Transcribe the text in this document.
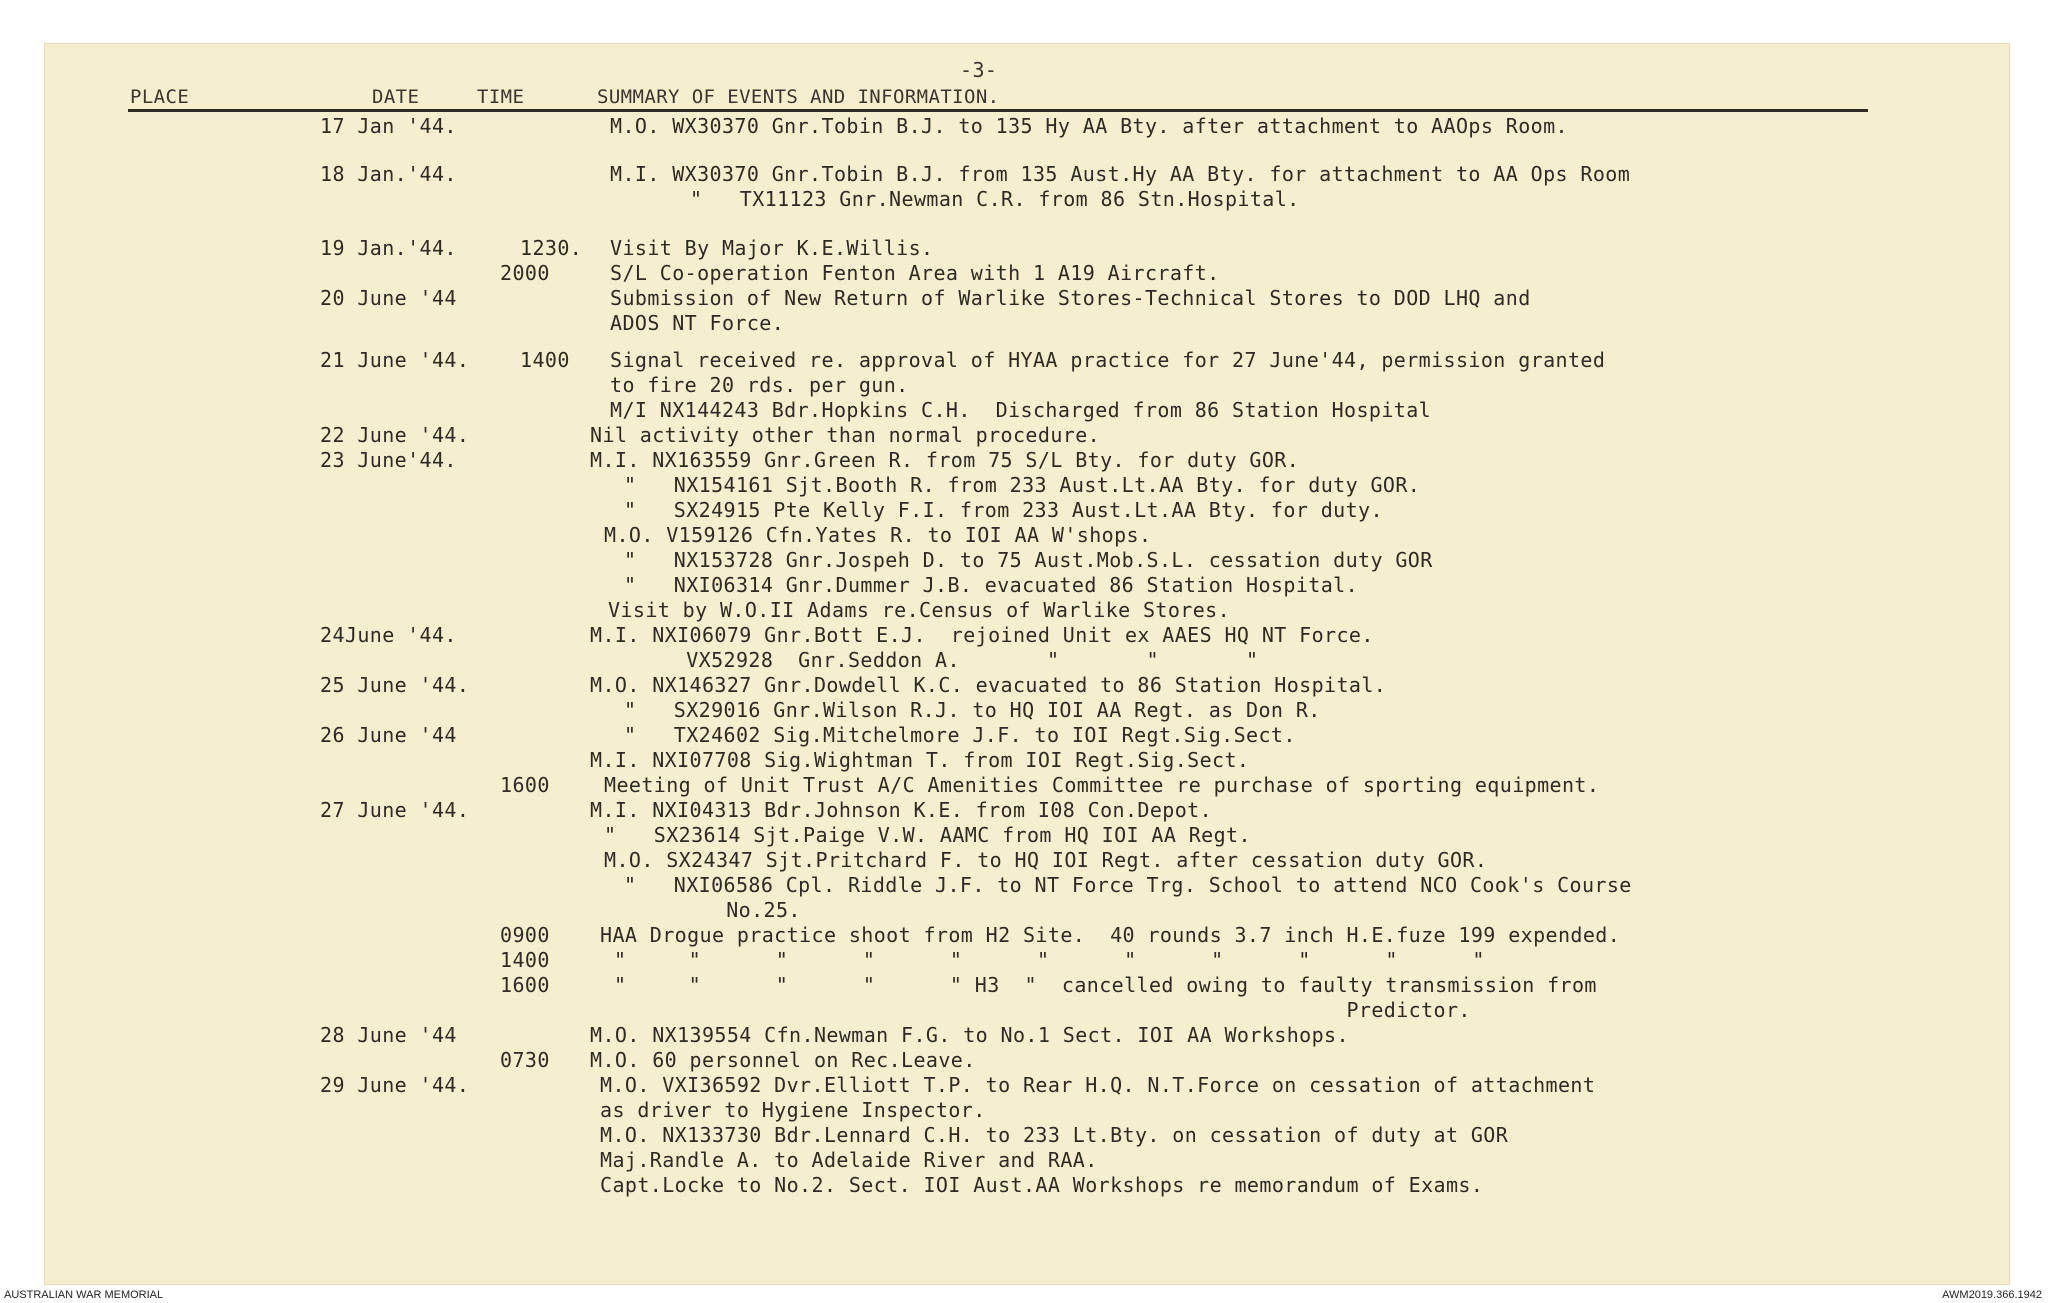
-3-
PLACE	DATE	TIME	SUMMARY OF EVENTS AND INFORMATION.
17 Jan '44.	M.O. WX30370 Gnr.Tobin B.J. to 135 Hy AA Bty. after attachment to AAOps Room.
18 Jan.'44.	M.I. WX30370 Gnr.Tobin B.J. from 135 Aust.Hy AA Bty. for attachment to AA Ops Room
"   TX11123 Gnr.Newman C.R. from 86 Stn.Hospital.
19 Jan.'44.	1230. Visit By Major K.E.Willis.
2000	S/L Co-operation Fenton Area with 1 A19 Aircraft.
20 June '44	Submission of New Return of Warlike Stores-Technical Stores to DOD LHQ and
ADOS NT Force.
21 June '44.	1400 Signal received re. approval of HYAA practice for 27 June'44, permission granted
to fire 20 rds. per gun.
M/I NX144243 Bdr.Hopkins C.H.  Discharged from 86 Station Hospital
22 June '44.	Nil activity other than normal procedure.
23 June'44.	M.I. NX163559 Gnr.Green R. from 75 S/L Bty. for duty GOR.
"   NX154161 Sjt.Booth R. from 233 Aust.Lt.AA Bty. for duty GOR.
"   SX24915 Pte Kelly F.I. from 233 Aust.Lt.AA Bty. for duty.
M.O. V159126 Cfn.Yates R. to IOI AA W'shops.
"   NX153728 Gnr.Jospeh D. to 75 Aust.Mob.S.L. cessation duty GOR
"   NXI06314 Gnr.Dummer J.B. evacuated 86 Station Hospital.
Visit by W.O.II Adams re.Census of Warlike Stores.
24June '44.	M.I. NXI06079 Gnr.Bott E.J.  rejoined Unit ex AAES HQ NT Force.
VX52928  Gnr.Seddon A.       "       "       "
25 June '44.	M.O. NX146327 Gnr.Dowdell K.C. evacuated to 86 Station Hospital.
"   SX29016 Gnr.Wilson R.J. to HQ IOI AA Regt. as Don R.
26 June '44	"   TX24602 Sig.Mitchelmore J.F. to IOI Regt.Sig.Sect.
M.I. NXI07708 Sig.Wightman T. from IOI Regt.Sig.Sect.
1600	Meeting of Unit Trust A/C Amenities Committee re purchase of sporting equipment.
27 June '44.	M.I. NXI04313 Bdr.Johnson K.E. from I08 Con.Depot.
"   SX23614 Sjt.Paige V.W. AAMC from HQ IOI AA Regt.
M.O. SX24347 Sjt.Pritchard F. to HQ IOI Regt. after cessation duty GOR.
"   NXI06586 Cpl. Riddle J.F. to NT Force Trg. School to attend NCO Cook's Course
No.25.
0900	HAA Drogue practice shoot from H2 Site.  40 rounds 3.7 inch H.E.fuze 199 expended.
1400	"     "      "      "      "      "      "      "      "      "      "
1600	"     "      "      "      " H3  "  cancelled owing to faulty transmission from
Predictor.
28 June '44	M.O. NX139554 Cfn.Newman F.G. to No.1 Sect. IOI AA Workshops.
0730 M.O. 60 personnel on Rec.Leave.
29 June '44.	M.O. VXI36592 Dvr.Elliott T.P. to Rear H.Q. N.T.Force on cessation of attachment
as driver to Hygiene Inspector.
M.O. NX133730 Bdr.Lennard C.H. to 233 Lt.Bty. on cessation of duty at GOR
Maj.Randle A. to Adelaide River and RAA.
Capt.Locke to No.2. Sect. IOI Aust.AA Workshops re memorandum of Exams.
AUSTRALIAN WAR MEMORIAL	AWM2019.366.1942
